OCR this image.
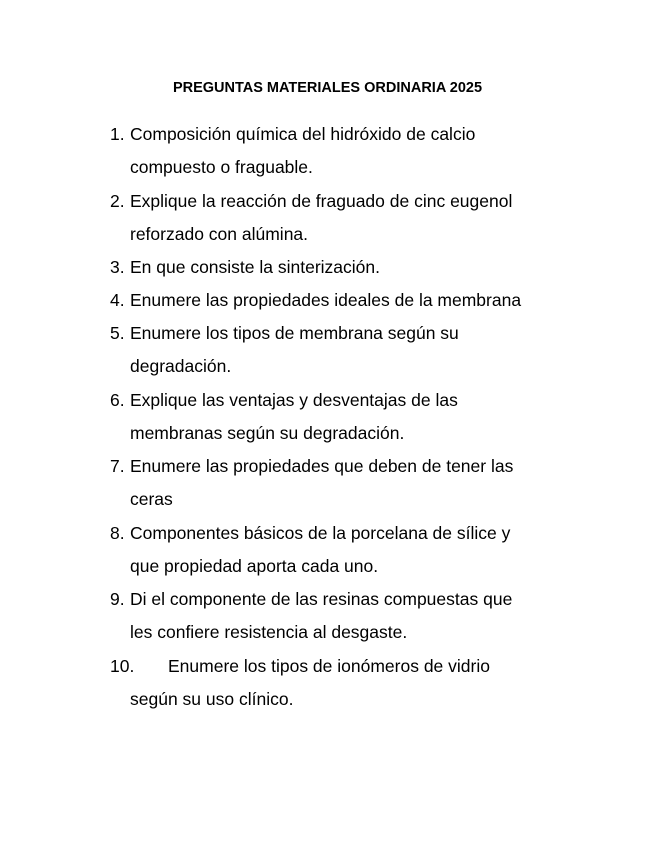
PREGUNTAS MATERIALES ORDINARIA 2025
1. Composición química del hidróxido de calcio
compuesto o fraguable.
2. Explique la reacción de fraguado de cinc eugenol
reforzado con alúmina.
3. En que consiste la sinterización.
4. Enumere las propiedades ideales de la membrana
5. Enumere los tipos de membrana según su
degradación.
6. Explique las ventajas y desventajas de las
membranas según su degradación.
7. Enumere las propiedades que deben de tener las
ceras
8. Componentes básicos de la porcelana de sílice y
que propiedad aporta cada uno.
9. Di el componente de las resinas compuestas que
les confiere resistencia al desgaste.
10.	Enumere los tipos de ionómeros de vidrio
según su uso clínico.
